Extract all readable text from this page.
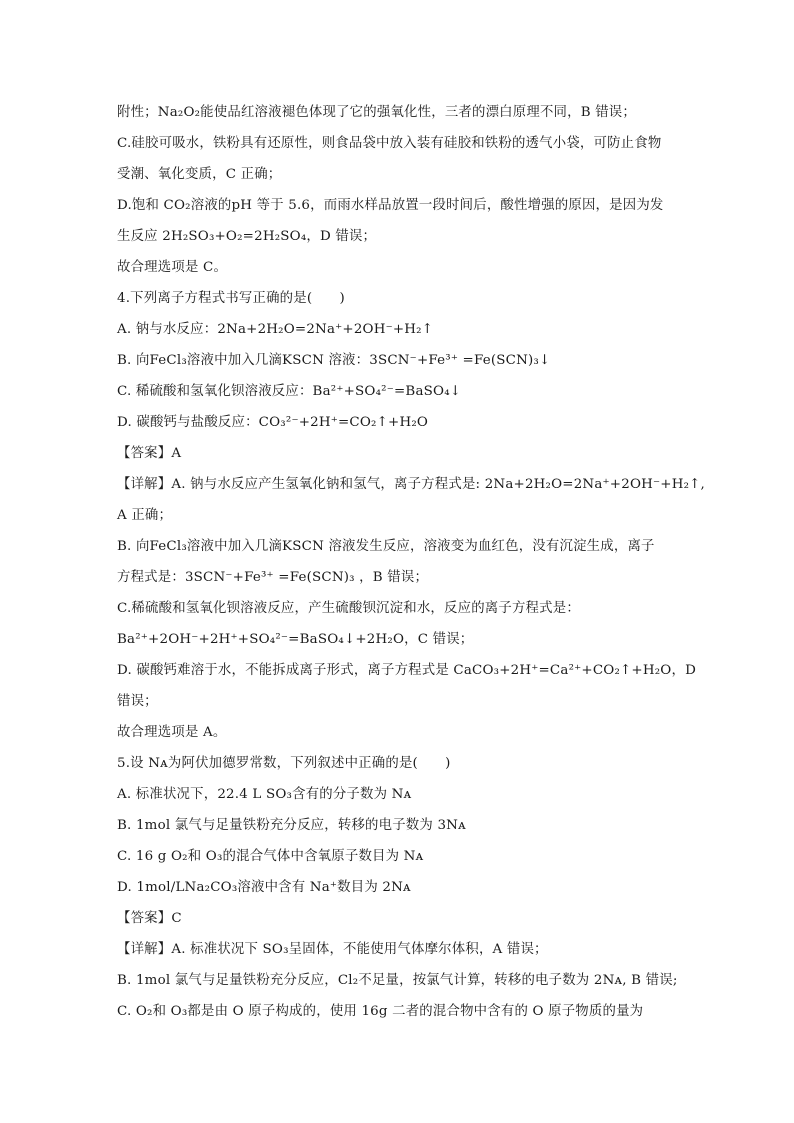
附性；Na₂O₂能使品红溶液褪色体现了它的强氧化性，三者的漂白原理不同，B 错误；
C.硅胶可吸水，铁粉具有还原性，则食品袋中放入装有硅胶和铁粉的透气小袋，可防止食物
受潮、氧化变质，C 正确；
D.饱和 CO₂溶液的pH 等于 5.6，而雨水样品放置一段时间后，酸性增强的原因，是因为发
生反应 2H₂SO₃+O₂=2H₂SO₄，D 错误；
故合理选项是 C。
4.下列离子方程式书写正确的是(　　)
A. 钠与水反应：2Na+2H₂O=2Na⁺+2OH⁻+H₂↑
B. 向FeCl₃溶液中加入几滴KSCN 溶液：3SCN⁻+Fe³⁺ =Fe(SCN)₃↓
C. 稀硫酸和氢氧化钡溶液反应：Ba²⁺+SO₄²⁻=BaSO₄↓
D. 碳酸钙与盐酸反应：CO₃²⁻+2H⁺=CO₂↑+H₂O
【答案】A
【详解】A. 钠与水反应产生氢氧化钠和氢气，离子方程式是: 2Na+2H₂O=2Na⁺+2OH⁻+H₂↑,
A 正确；
B. 向FeCl₃溶液中加入几滴KSCN 溶液发生反应，溶液变为血红色，没有沉淀生成，离子
方程式是：3SCN⁻+Fe³⁺ =Fe(SCN)₃ ，B 错误；
C.稀硫酸和氢氧化钡溶液反应，产生硫酸钡沉淀和水，反应的离子方程式是：
Ba²⁺+2OH⁻+2H⁺+SO₄²⁻=BaSO₄↓+2H₂O，C 错误；
D. 碳酸钙难溶于水，不能拆成离子形式，离子方程式是 CaCO₃+2H⁺=Ca²⁺+CO₂↑+H₂O，D
错误；
故合理选项是 A。
5.设 Nᴀ为阿伏加德罗常数，下列叙述中正确的是(　　)
A. 标准状况下，22.4 L SO₃含有的分子数为 Nᴀ
B. 1mol 氯气与足量铁粉充分反应，转移的电子数为 3Nᴀ
C. 16 g O₂和 O₃的混合气体中含氧原子数目为 Nᴀ
D. 1mol/LNa₂CO₃溶液中含有 Na⁺数目为 2Nᴀ
【答案】C
【详解】A. 标准状况下 SO₃呈固体，不能使用气体摩尔体积，A 错误；
B. 1mol 氯气与足量铁粉充分反应，Cl₂不足量，按氯气计算，转移的电子数为 2Nᴀ, B 错误;
C. O₂和 O₃都是由 O 原子构成的，使用 16g 二者的混合物中含有的 O 原子物质的量为
